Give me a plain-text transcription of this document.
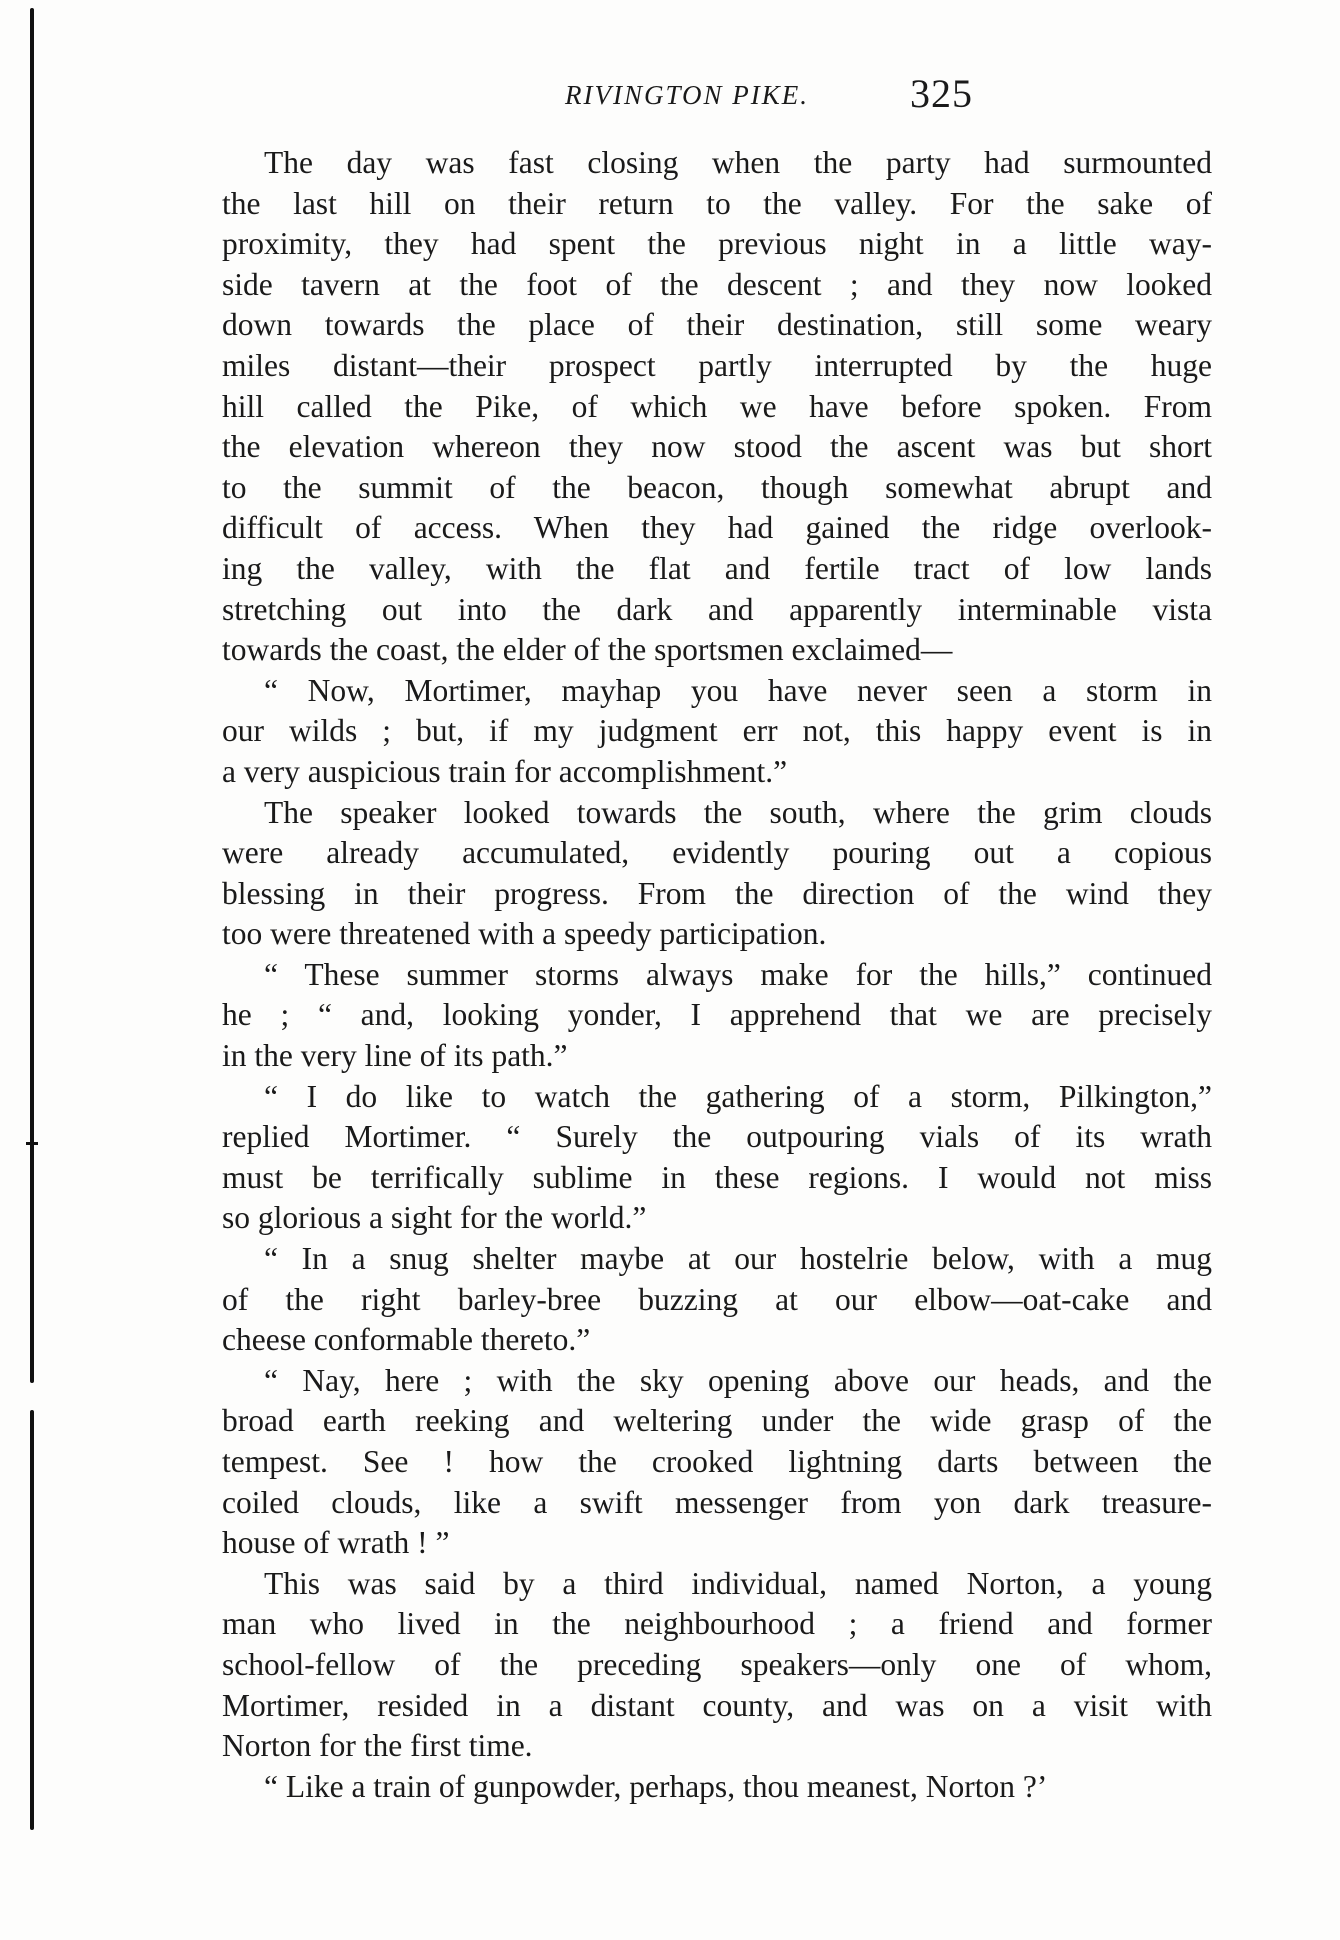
RIVINGTON PIKE.	325
The day was fast closing when the party had surmounted
the last hill on their return to the valley. For the sake of
proximity, they had spent the previous night in a little way-
side tavern at the foot of the descent ; and they now looked
down towards the place of their destination, still some weary
miles distant—their prospect partly interrupted by the huge
hill called the Pike, of which we have before spoken. From
the elevation whereon they now stood the ascent was but short
to the summit of the beacon, though somewhat abrupt and
difficult of access. When they had gained the ridge overlook-
ing the valley, with the flat and fertile tract of low lands
stretching out into the dark and apparently interminable vista
towards the coast, the elder of the sportsmen exclaimed—
“ Now, Mortimer, mayhap you have never seen a storm in
our wilds ; but, if my judgment err not, this happy event is in
a very auspicious train for accomplishment.”
The speaker looked towards the south, where the grim clouds
were already accumulated, evidently pouring out a copious
blessing in their progress. From the direction of the wind they
too were threatened with a speedy participation.
“ These summer storms always make for the hills,” continued
he ; “ and, looking yonder, I apprehend that we are precisely
in the very line of its path.”
“ I do like to watch the gathering of a storm, Pilkington,”
replied Mortimer. “ Surely the outpouring vials of its wrath
must be terrifically sublime in these regions. I would not miss
so glorious a sight for the world.”
“ In a snug shelter maybe at our hostelrie below, with a mug
of the right barley-bree buzzing at our elbow—oat-cake and
cheese conformable thereto.”
“ Nay, here ; with the sky opening above our heads, and the
broad earth reeking and weltering under the wide grasp of the
tempest. See ! how the crooked lightning darts between the
coiled clouds, like a swift messenger from yon dark treasure-
house of wrath ! ”
This was said by a third individual, named Norton, a young
man who lived in the neighbourhood ; a friend and former
school-fellow of the preceding speakers—only one of whom,
Mortimer, resided in a distant county, and was on a visit with
Norton for the first time.
“ Like a train of gunpowder, perhaps, thou meanest, Norton ?’
